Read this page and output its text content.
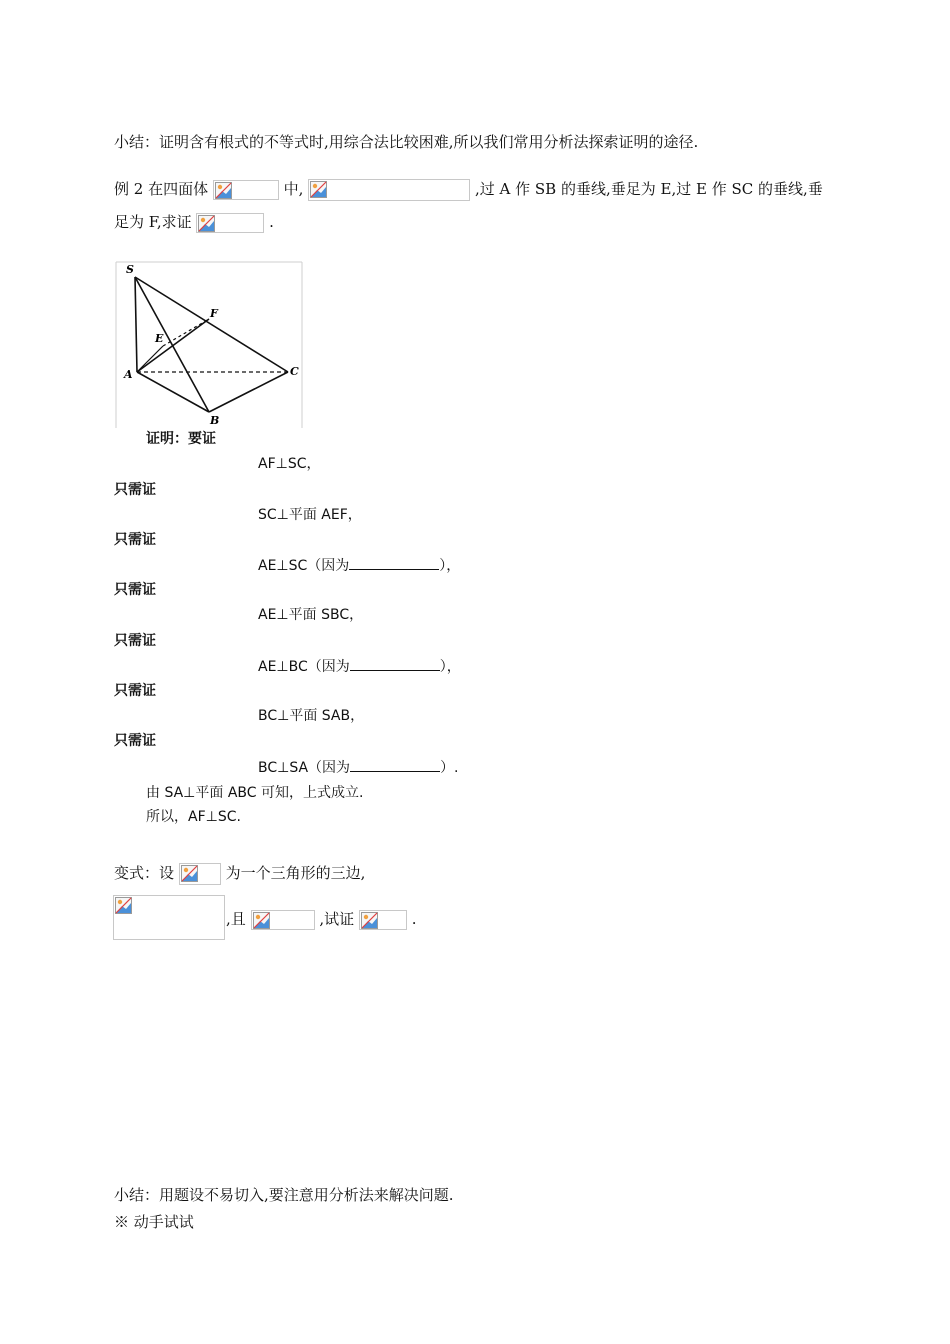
小结：证明含有根式的不等式时,用综合法比较困难,所以我们常用分析法探索证明的途径.
例 2 在四面体	中,	,过 A 作 SB 的垂线,垂足为 E,过 E 作 SC 的垂线,垂
足为 F,求证	.
S
F
E
A	C
B
证明：要证
AF⊥SC，
只需证
SC⊥平面 AEF，
只需证
AE⊥SC（因为	），
只需证
AE⊥平面 SBC，
只需证
AE⊥BC（因为	），
只需证
BC⊥平面 SAB，
只需证
BC⊥SA（因为	）.
由 SA⊥平面 ABC 可知，上式成立.
所以，AF⊥SC.
变式：设	为一个三角形的三边,
,且	,试证	.
小结：用题设不易切入,要注意用分析法来解决问题.
※ 动手试试
